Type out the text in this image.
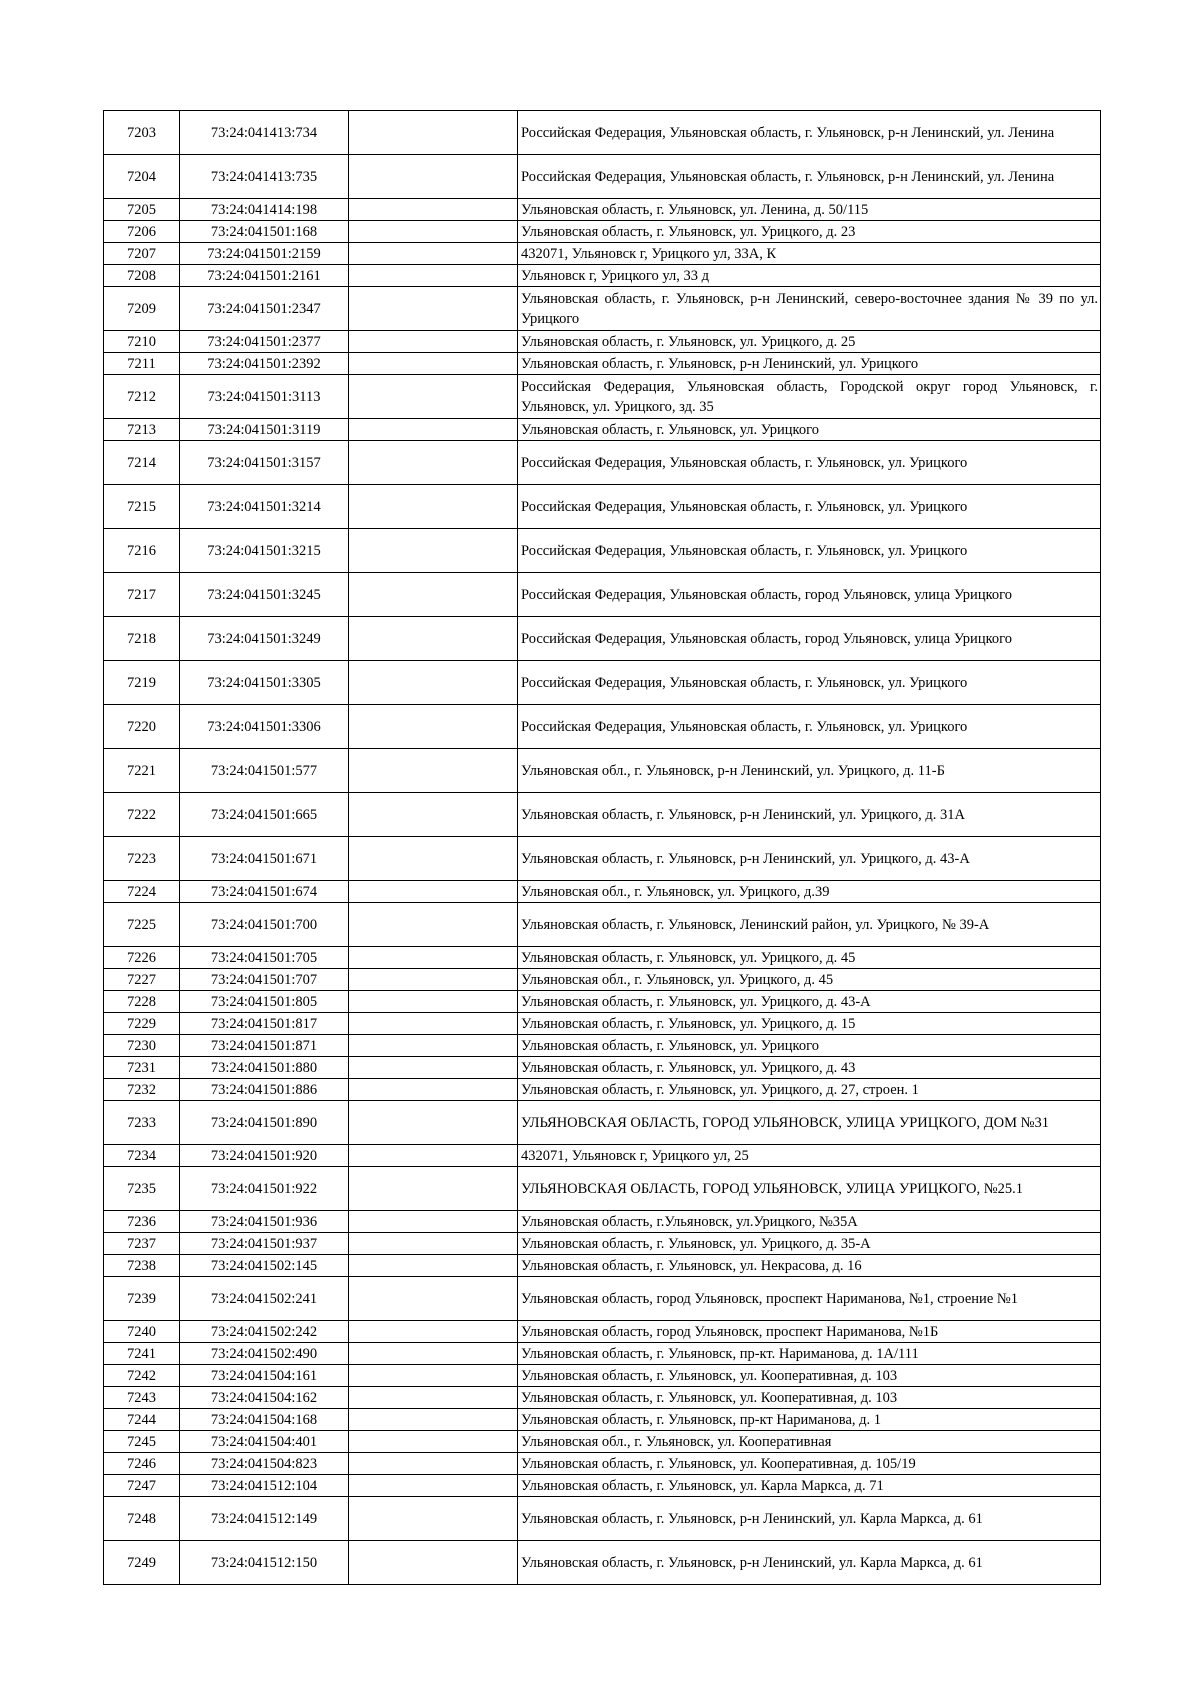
7203	73:24:041413:734		Российская Федерация, Ульяновская область, г. Ульяновск, р-н Ленинский, ул. Ленина
7204	73:24:041413:735		Российская Федерация, Ульяновская область, г. Ульяновск, р-н Ленинский, ул. Ленина
7205	73:24:041414:198		Ульяновская область, г. Ульяновск, ул. Ленина, д. 50/115
7206	73:24:041501:168		Ульяновская область, г. Ульяновск, ул. Урицкого, д. 23
7207	73:24:041501:2159		432071, Ульяновск г, Урицкого ул, 33А, К
7208	73:24:041501:2161		Ульяновск г, Урицкого ул, 33 д
7209	73:24:041501:2347		Ульяновская область, г. Ульяновск, р-н Ленинский, северо-восточнее здания № 39 по ул. Урицкого
7210	73:24:041501:2377		Ульяновская область, г. Ульяновск, ул. Урицкого, д. 25
7211	73:24:041501:2392		Ульяновская область, г. Ульяновск, р-н Ленинский, ул. Урицкого
7212	73:24:041501:3113		Российская Федерация, Ульяновская область, Городской округ город Ульяновск, г. Ульяновск, ул. Урицкого, зд. 35
7213	73:24:041501:3119		Ульяновская область, г. Ульяновск, ул. Урицкого
7214	73:24:041501:3157		Российская Федерация, Ульяновская область, г. Ульяновск, ул. Урицкого
7215	73:24:041501:3214		Российская Федерация, Ульяновская область, г. Ульяновск, ул. Урицкого
7216	73:24:041501:3215		Российская Федерация, Ульяновская область, г. Ульяновск, ул. Урицкого
7217	73:24:041501:3245		Российская Федерация, Ульяновская область, город Ульяновск, улица Урицкого
7218	73:24:041501:3249		Российская Федерация, Ульяновская область, город Ульяновск, улица Урицкого
7219	73:24:041501:3305		Российская Федерация, Ульяновская область, г. Ульяновск, ул. Урицкого
7220	73:24:041501:3306		Российская Федерация, Ульяновская область, г. Ульяновск, ул. Урицкого
7221	73:24:041501:577		Ульяновская обл., г. Ульяновск, р-н Ленинский, ул. Урицкого, д. 11-Б
7222	73:24:041501:665		Ульяновская область, г. Ульяновск, р-н Ленинский, ул. Урицкого, д. 31А
7223	73:24:041501:671		Ульяновская область, г. Ульяновск, р-н Ленинский, ул. Урицкого, д. 43-А
7224	73:24:041501:674		Ульяновская обл., г. Ульяновск, ул. Урицкого, д.39
7225	73:24:041501:700		Ульяновская область, г. Ульяновск, Ленинский район, ул. Урицкого, № 39-А
7226	73:24:041501:705		Ульяновская область, г. Ульяновск, ул. Урицкого, д. 45
7227	73:24:041501:707		Ульяновская обл., г. Ульяновск, ул. Урицкого, д. 45
7228	73:24:041501:805		Ульяновская область, г. Ульяновск, ул. Урицкого, д. 43-А
7229	73:24:041501:817		Ульяновская область, г. Ульяновск, ул. Урицкого, д. 15
7230	73:24:041501:871		Ульяновская область, г. Ульяновск, ул. Урицкого
7231	73:24:041501:880		Ульяновская область, г. Ульяновск, ул. Урицкого, д. 43
7232	73:24:041501:886		Ульяновская область, г. Ульяновск, ул. Урицкого, д. 27, строен. 1
7233	73:24:041501:890		УЛЬЯНОВСКАЯ ОБЛАСТЬ, ГОРОД УЛЬЯНОВСК, УЛИЦА УРИЦКОГО, ДОМ №31
7234	73:24:041501:920		432071, Ульяновск г, Урицкого ул, 25
7235	73:24:041501:922		УЛЬЯНОВСКАЯ ОБЛАСТЬ, ГОРОД УЛЬЯНОВСК, УЛИЦА УРИЦКОГО, №25.1
7236	73:24:041501:936		Ульяновская область, г.Ульяновск, ул.Урицкого, №35А
7237	73:24:041501:937		Ульяновская область, г. Ульяновск, ул. Урицкого, д. 35-А
7238	73:24:041502:145		Ульяновская область, г. Ульяновск, ул. Некрасова, д. 16
7239	73:24:041502:241		Ульяновская область, город Ульяновск, проспект Нариманова, №1, строение №1
7240	73:24:041502:242		Ульяновская область, город Ульяновск, проспект Нариманова, №1Б
7241	73:24:041502:490		Ульяновская область, г. Ульяновск, пр-кт. Нариманова, д. 1А/111
7242	73:24:041504:161		Ульяновская область, г. Ульяновск, ул. Кооперативная, д. 103
7243	73:24:041504:162		Ульяновская область, г. Ульяновск, ул. Кооперативная, д. 103
7244	73:24:041504:168		Ульяновская область, г. Ульяновск, пр-кт Нариманова, д. 1
7245	73:24:041504:401		Ульяновская обл., г. Ульяновск, ул. Кооперативная
7246	73:24:041504:823		Ульяновская область, г. Ульяновск, ул. Кооперативная, д. 105/19
7247	73:24:041512:104		Ульяновская область, г. Ульяновск, ул. Карла Маркса, д. 71
7248	73:24:041512:149		Ульяновская область, г. Ульяновск, р-н Ленинский, ул. Карла Маркса, д. 61
7249	73:24:041512:150		Ульяновская область, г. Ульяновск, р-н Ленинский, ул. Карла Маркса, д. 61
